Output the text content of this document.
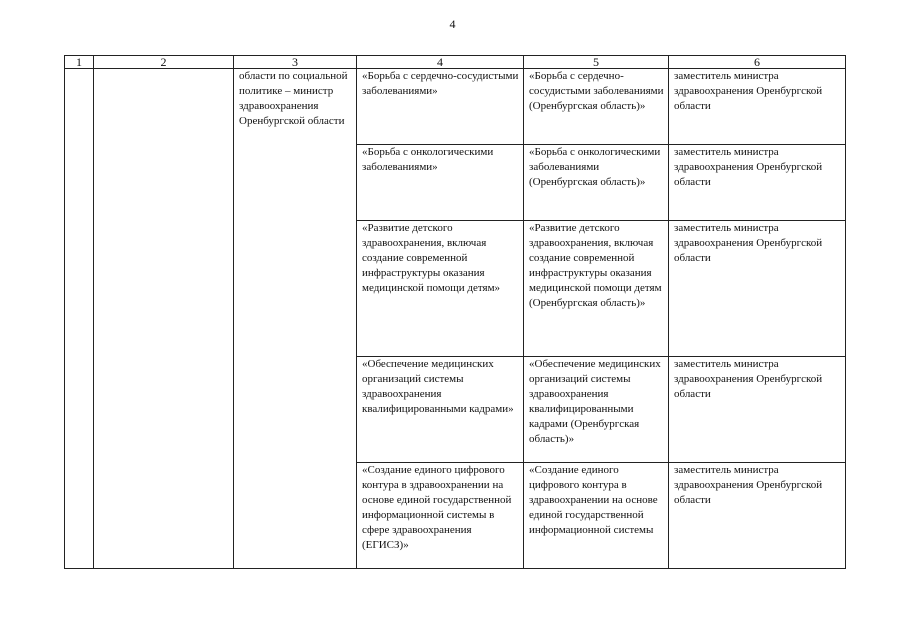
4
1	2	3	4	5	6

		области по социальной политике – министр здравоохранения Оренбургской области	«Борьба с сердечно-сосудистыми заболеваниями»	«Борьба с сердечно-сосудистыми заболеваниями (Оренбургская область)»	заместитель министра здравоохранения Оренбургской области

			«Борьба с онкологическими заболеваниями»	«Борьба с онкологическими заболеваниями (Оренбургская область)»	заместитель министра здравоохранения Оренбургской области

			«Развитие детского здравоохранения, включая создание современной инфраструктуры оказания медицинской помощи детям»	«Развитие детского здравоохранения, включая создание современной инфраструктуры оказания медицинской помощи детям (Оренбургская область)»	заместитель министра здравоохранения Оренбургской области

			«Обеспечение медицинских организаций системы здравоохранения квалифицированными кадрами»	«Обеспечение медицинских организаций системы здравоохранения квалифицированными кадрами (Оренбургская область)»	заместитель министра здравоохранения Оренбургской области

			«Создание единого цифрового контура в здравоохранении на основе единой государственной информационной системы в сфере здравоохранения (ЕГИСЗ)»	«Создание единого цифрового контура в здравоохранении на основе единой государственной информационной системы	заместитель министра здравоохранения Оренбургской области
